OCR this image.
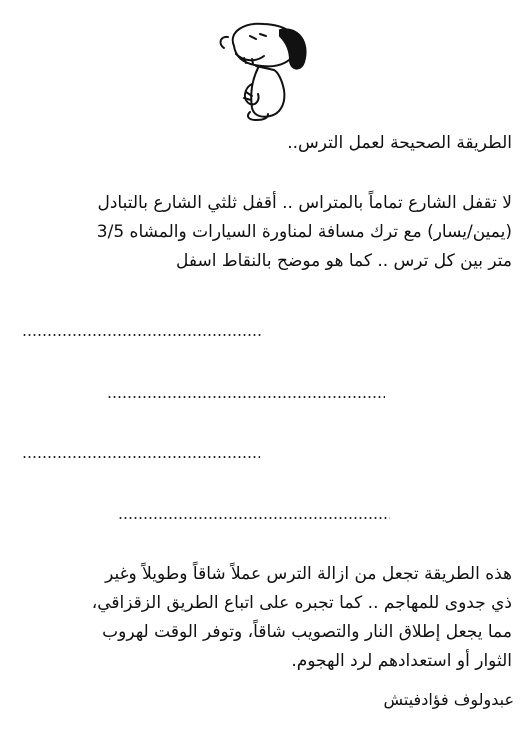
الطريقة الصحيحة لعمل الترس..

لا تقفل الشارع تماماً بالمتراس .. أقفل ثلثي الشارع بالتبادل
(يمين/يسار) مع ترك مسافة لمناورة السيارات والمشاه 3/5
متر بين كل ترس .. كما هو موضح بالنقاط اسفل
هذه الطريقة تجعل من ازالة الترس عملاً شاقاً وطويلاً وغير
ذي جدوى للمهاجم .. كما تجبره على اتباع الطريق الزقزاقي،
مما يجعل إطلاق النار والتصويب شاقاً، وتوفر الوقت لهروب
الثوار أو استعدادهم لرد الهجوم.

عبدولوف فؤادفيتش
